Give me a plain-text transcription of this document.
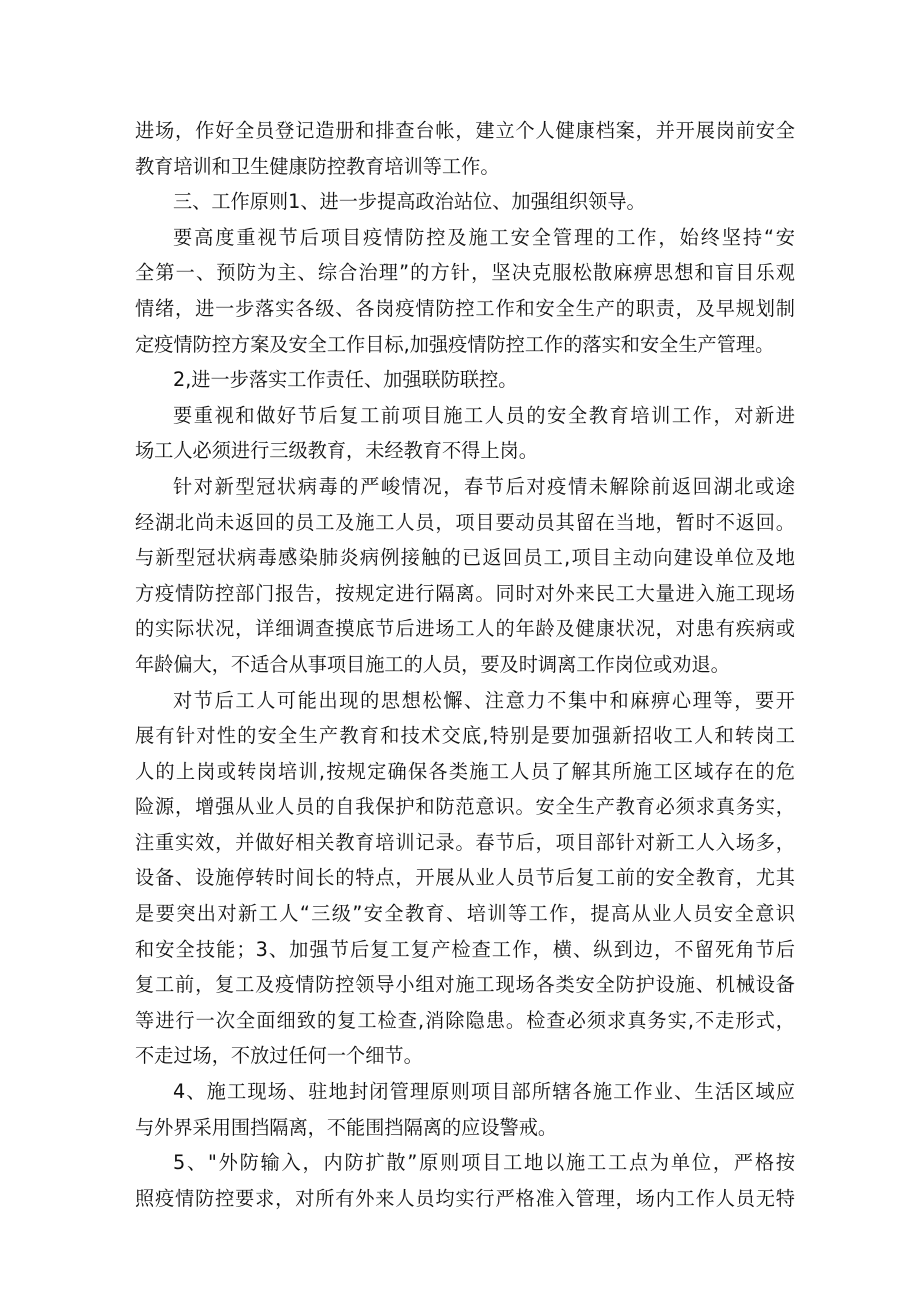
进场，作好全员登记造册和排查台帐，建立个人健康档案，并开展岗前安全
教育培训和卫生健康防控教育培训等工作。
三、工作原则1、进一步提高政治站位、加强组织领导。
要高度重视节后项目疫情防控及施工安全管理的工作，始终坚持“安
全第一、预防为主、综合治理”的方针，坚决克服松散麻痹思想和盲目乐观
情绪，进一步落实各级、各岗疫情防控工作和安全生产的职责，及早规划制
定疫情防控方案及安全工作目标,加强疫情防控工作的落实和安全生产管理。
2,进一步落实工作责任、加强联防联控。
要重视和做好节后复工前项目施工人员的安全教育培训工作，对新进
场工人必须进行三级教育，未经教育不得上岗。
针对新型冠状病毒的严峻情况，春节后对疫情未解除前返回湖北或途
经湖北尚未返回的员工及施工人员，项目要动员其留在当地，暂时不返回。
与新型冠状病毒感染肺炎病例接触的已返回员工,项目主动向建设单位及地
方疫情防控部门报告，按规定进行隔离。同时对外来民工大量进入施工现场
的实际状况，详细调查摸底节后进场工人的年龄及健康状况，对患有疾病或
年龄偏大，不适合从事项目施工的人员，要及时调离工作岗位或劝退。
对节后工人可能出现的思想松懈、注意力不集中和麻痹心理等，要开
展有针对性的安全生产教育和技术交底,特别是要加强新招收工人和转岗工
人的上岗或转岗培训,按规定确保各类施工人员了解其所施工区域存在的危
险源，增强从业人员的自我保护和防范意识。安全生产教育必须求真务实，
注重实效，并做好相关教育培训记录。春节后，项目部针对新工人入场多，
设备、设施停转时间长的特点，开展从业人员节后复工前的安全教育，尤其
是要突出对新工人“三级”安全教育、培训等工作，提高从业人员安全意识
和安全技能；3、加强节后复工复产检查工作，横、纵到边，不留死角节后
复工前，复工及疫情防控领导小组对施工现场各类安全防护设施、机械设备
等进行一次全面细致的复工检查,消除隐患。检查必须求真务实,不走形式，
不走过场，不放过任何一个细节。
4、施工现场、驻地封闭管理原则项目部所辖各施工作业、生活区域应
与外界采用围挡隔离，不能围挡隔离的应设警戒。
5、"外防输入，内防扩散”原则项目工地以施工工点为单位，严格按
照疫情防控要求，对所有外来人员均实行严格准入管理，场内工作人员无特
